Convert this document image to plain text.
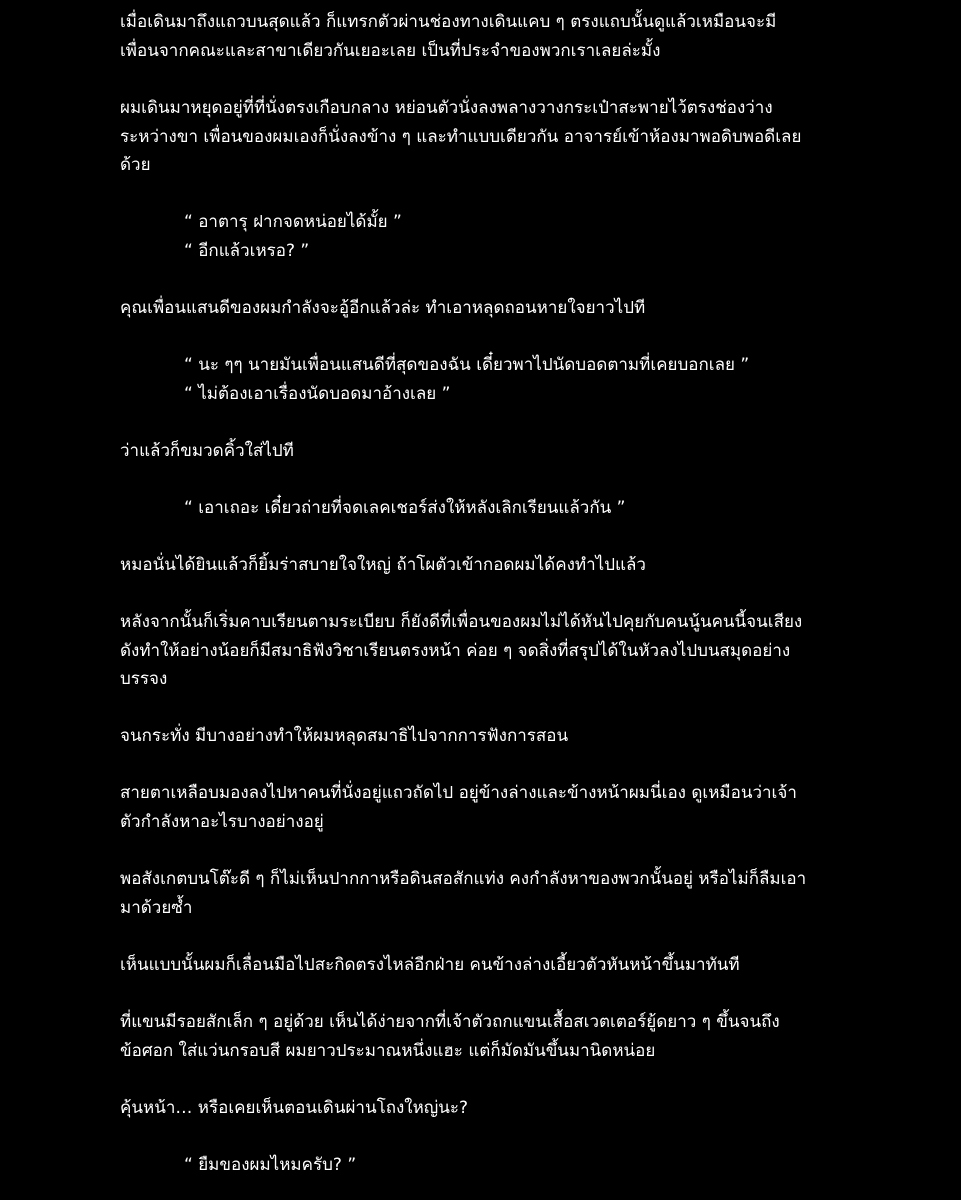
เมื่อเดินมาถึงแถวบนสุดแล้ว ก็แทรกตัวผ่านช่องทางเดินแคบ ๆ ตรงแถบนั้นดูแล้วเหมือนจะมี
เพื่อนจากคณะและสาขาเดียวกันเยอะเลย เป็นที่ประจำของพวกเราเลยล่ะมั้ง
ผมเดินมาหยุดอยู่ที่ที่นั่งตรงเกือบกลาง หย่อนตัวนั่งลงพลางวางกระเป๋าสะพายไว้ตรงช่องว่าง
ระหว่างขา เพื่อนของผมเองก็นั่งลงข้าง ๆ และทำแบบเดียวกัน อาจารย์เข้าห้องมาพอดิบพอดีเลย
ด้วย
“ อาตารุ ฝากจดหน่อยได้มั้ย ”
“ อีกแล้วเหรอ? ”
คุณเพื่อนแสนดีของผมกำลังจะอู้อีกแล้วล่ะ ทำเอาหลุดถอนหายใจยาวไปที
“ นะ ๆๆ นายมันเพื่อนแสนดีที่สุดของฉัน เดี๋ยวพาไปนัดบอดตามที่เคยบอกเลย ”
“ ไม่ต้องเอาเรื่องนัดบอดมาอ้างเลย ”
ว่าแล้วก็ขมวดคิ้วใส่ไปที
“ เอาเถอะ เดี๋ยวถ่ายที่จดเลคเชอร์ส่งให้หลังเลิกเรียนแล้วกัน ”
หมอนั่นได้ยินแล้วก็ยิ้มร่าสบายใจใหญ่ ถ้าโผตัวเข้ากอดผมได้คงทำไปแล้ว
หลังจากนั้นก็เริ่มคาบเรียนตามระเบียบ ก็ยังดีที่เพื่อนของผมไม่ได้หันไปคุยกับคนนู้นคนนี้จนเสียง
ดังทำให้อย่างน้อยก็มีสมาธิฟังวิชาเรียนตรงหน้า ค่อย ๆ จดสิ่งที่สรุปได้ในหัวลงไปบนสมุดอย่าง
บรรจง
จนกระทั่ง มีบางอย่างทำให้ผมหลุดสมาธิไปจากการฟังการสอน
สายตาเหลือบมองลงไปหาคนที่นั่งอยู่แถวถัดไป อยู่ข้างล่างและข้างหน้าผมนี่เอง ดูเหมือนว่าเจ้า
ตัวกำลังหาอะไรบางอย่างอยู่
พอสังเกตบนโต๊ะดี ๆ ก็ไม่เห็นปากกาหรือดินสอสักแท่ง คงกำลังหาของพวกนั้นอยู่ หรือไม่ก็ลืมเอา
มาด้วยซ้ำ
เห็นแบบนั้นผมก็เลื่อนมือไปสะกิดตรงไหล่อีกฝ่าย คนข้างล่างเอี้ยวตัวหันหน้าขึ้นมาทันที
ที่แขนมีรอยสักเล็ก ๆ อยู่ด้วย เห็นได้ง่ายจากที่เจ้าตัวถกแขนเสื้อสเวตเตอร์ยู้ดยาว ๆ ขึ้นจนถึง
ข้อศอก ใส่แว่นกรอบสี ผมยาวประมาณหนึ่งแฮะ แต่ก็มัดมันขึ้นมานิดหน่อย
คุ้นหน้า… หรือเคยเห็นตอนเดินผ่านโถงใหญ่นะ?
“ ยืมของผมไหมครับ? ”
